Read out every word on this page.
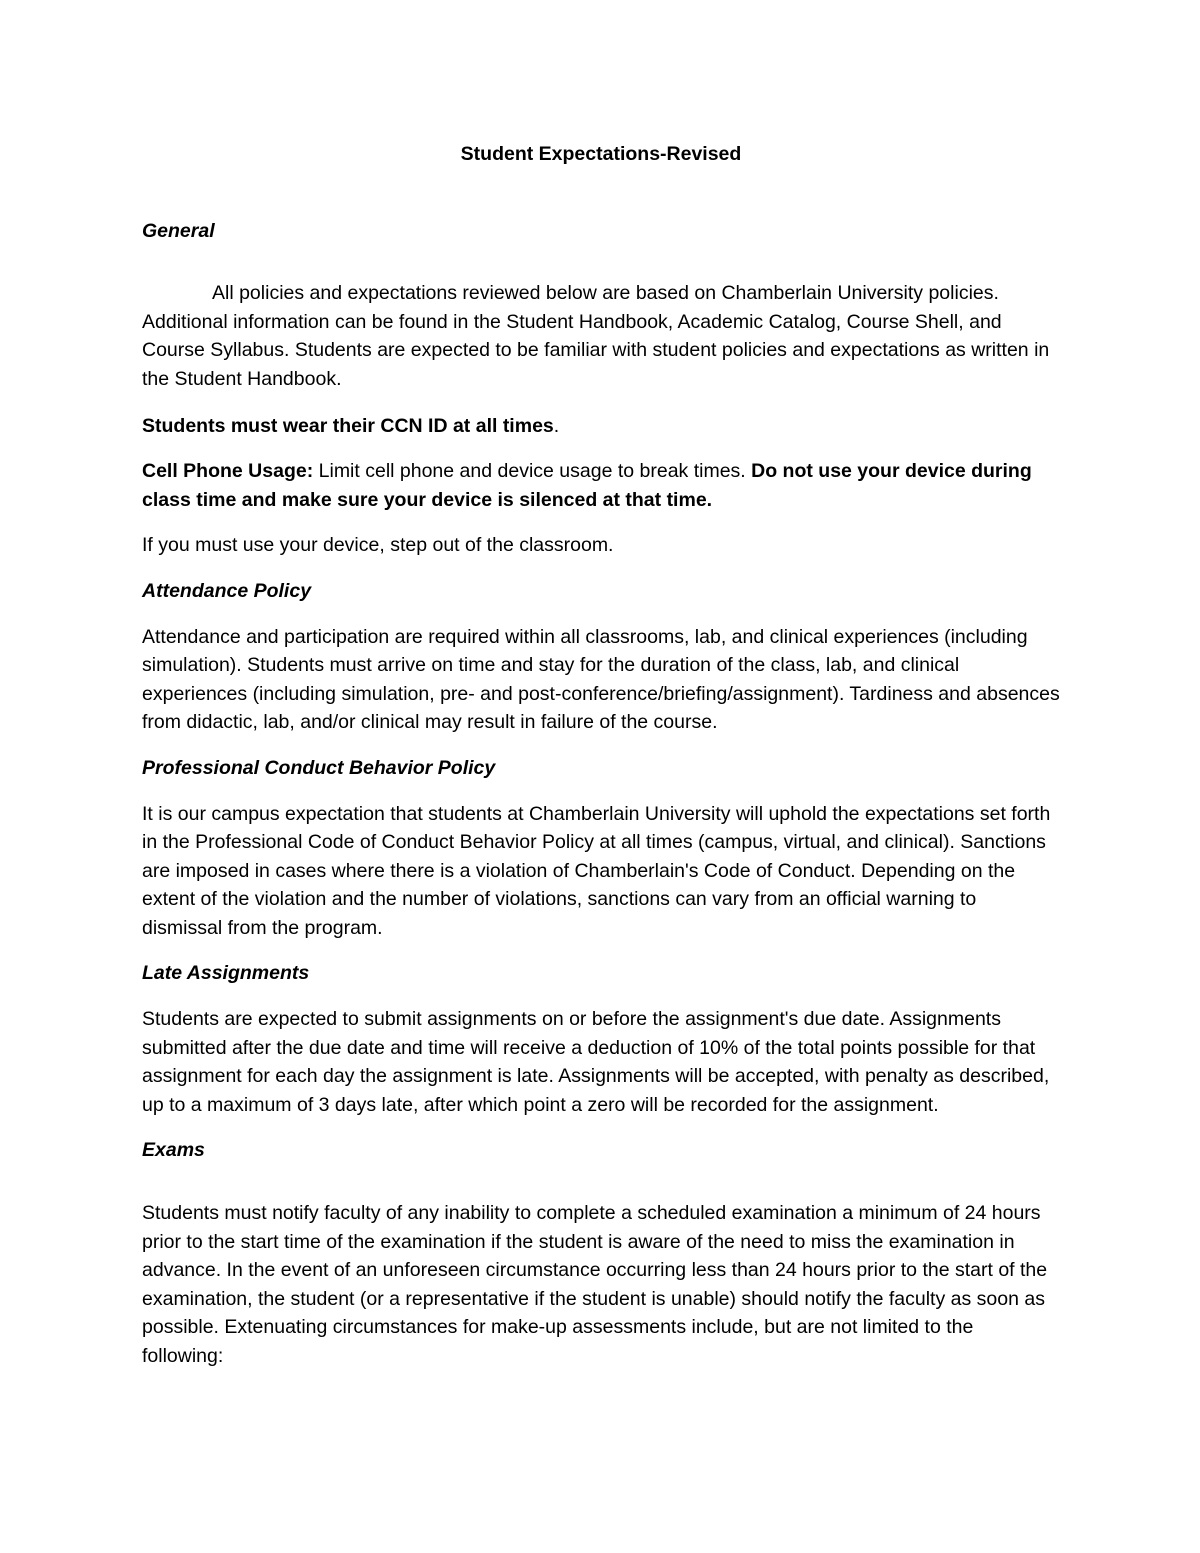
Student Expectations-Revised

General

All policies and expectations reviewed below are based on Chamberlain University policies. Additional information can be found in the Student Handbook, Academic Catalog, Course Shell, and Course Syllabus. Students are expected to be familiar with student policies and expectations as written in the Student Handbook.

Students must wear their CCN ID at all times.

Cell Phone Usage: Limit cell phone and device usage to break times. Do not use your device during class time and make sure your device is silenced at that time.

If you must use your device, step out of the classroom.

Attendance Policy

Attendance and participation are required within all classrooms, lab, and clinical experiences (including simulation). Students must arrive on time and stay for the duration of the class, lab, and clinical experiences (including simulation, pre- and post-conference/briefing/assignment). Tardiness and absences from didactic, lab, and/or clinical may result in failure of the course.

Professional Conduct Behavior Policy

It is our campus expectation that students at Chamberlain University will uphold the expectations set forth in the Professional Code of Conduct Behavior Policy at all times (campus, virtual, and clinical). Sanctions are imposed in cases where there is a violation of Chamberlain's Code of Conduct. Depending on the extent of the violation and the number of violations, sanctions can vary from an official warning to dismissal from the program.

Late Assignments

Students are expected to submit assignments on or before the assignment's due date. Assignments submitted after the due date and time will receive a deduction of 10% of the total points possible for that assignment for each day the assignment is late. Assignments will be accepted, with penalty as described, up to a maximum of 3 days late, after which point a zero will be recorded for the assignment.

Exams

Students must notify faculty of any inability to complete a scheduled examination a minimum of 24 hours prior to the start time of the examination if the student is aware of the need to miss the examination in advance. In the event of an unforeseen circumstance occurring less than 24 hours prior to the start of the examination, the student (or a representative if the student is unable) should notify the faculty as soon as possible. Extenuating circumstances for make-up assessments include, but are not limited to the following:
